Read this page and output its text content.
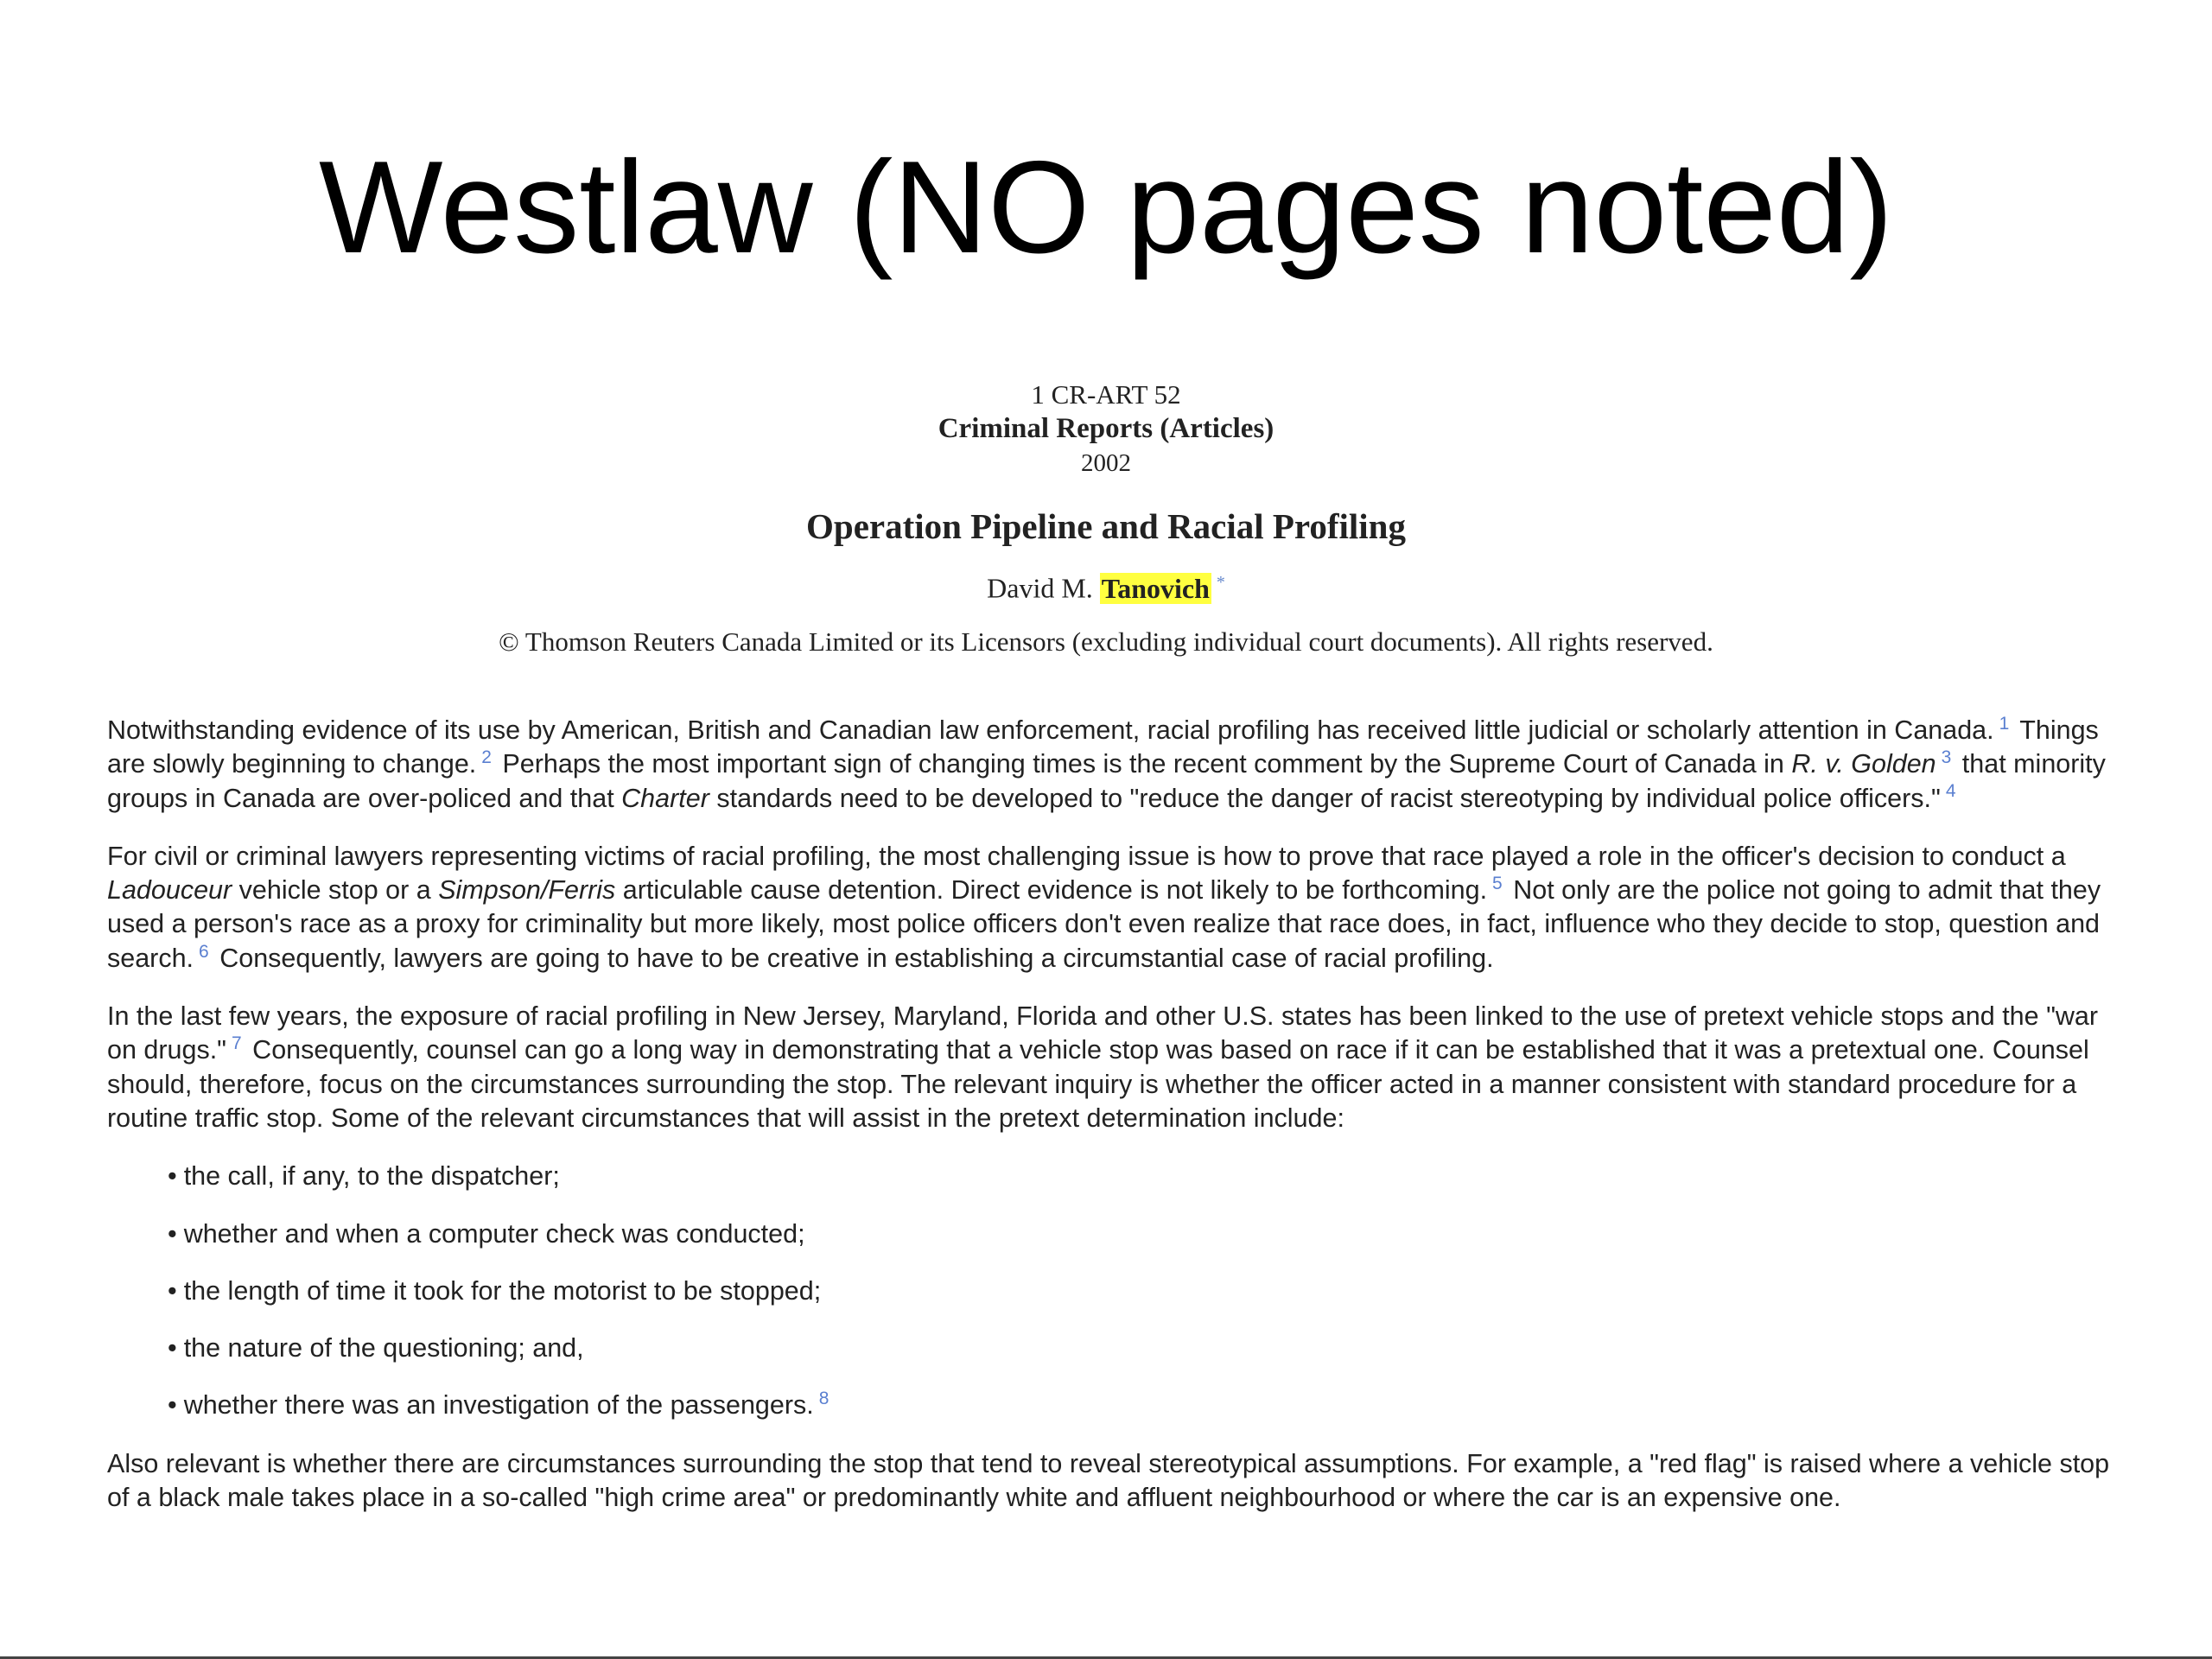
Westlaw (NO pages noted)
1 CR-ART 52
Criminal Reports (Articles)
2002
Operation Pipeline and Racial Profiling
David M. Tanovich *
© Thomson Reuters Canada Limited or its Licensors (excluding individual court documents). All rights reserved.

Notwithstanding evidence of its use by American, British and Canadian law enforcement, racial profiling has received little judicial or scholarly attention in Canada. $^1$ Things are slowly beginning to change. $^2$ Perhaps the most important sign of changing times is the recent comment by the Supreme Court of Canada in R. v. Golden $^3$ that minority groups in Canada are over-policed and that Charter standards need to be developed to "reduce the danger of racist stereotyping by individual police officers." $^4$

For civil or criminal lawyers representing victims of racial profiling, the most challenging issue is how to prove that race played a role in the officer's decision to conduct a Ladouceur vehicle stop or a Simpson/Ferris articulable cause detention. Direct evidence is not likely to be forthcoming. $^5$ Not only are the police not going to admit that they used a person's race as a proxy for criminality but more likely, most police officers don't even realize that race does, in fact, influence who they decide to stop, question and search. $^6$ Consequently, lawyers are going to have to be creative in establishing a circumstantial case of racial profiling.

In the last few years, the exposure of racial profiling in New Jersey, Maryland, Florida and other U.S. states has been linked to the use of pretext vehicle stops and the "war on drugs." $^7$ Consequently, counsel can go a long way in demonstrating that a vehicle stop was based on race if it can be established that it was a pretextual one. Counsel should, therefore, focus on the circumstances surrounding the stop. The relevant inquiry is whether the officer acted in a manner consistent with standard procedure for a routine traffic stop. Some of the relevant circumstances that will assist in the pretext determination include:

• the call, if any, to the dispatcher;
• whether and when a computer check was conducted;
• the length of time it took for the motorist to be stopped;
• the nature of the questioning; and,
• whether there was an investigation of the passengers. $^8$

Also relevant is whether there are circumstances surrounding the stop that tend to reveal stereotypical assumptions. For example, a "red flag" is raised where a vehicle stop of a black male takes place in a so-called "high crime area" or predominantly white and affluent neighbourhood or where the car is an expensive one.
